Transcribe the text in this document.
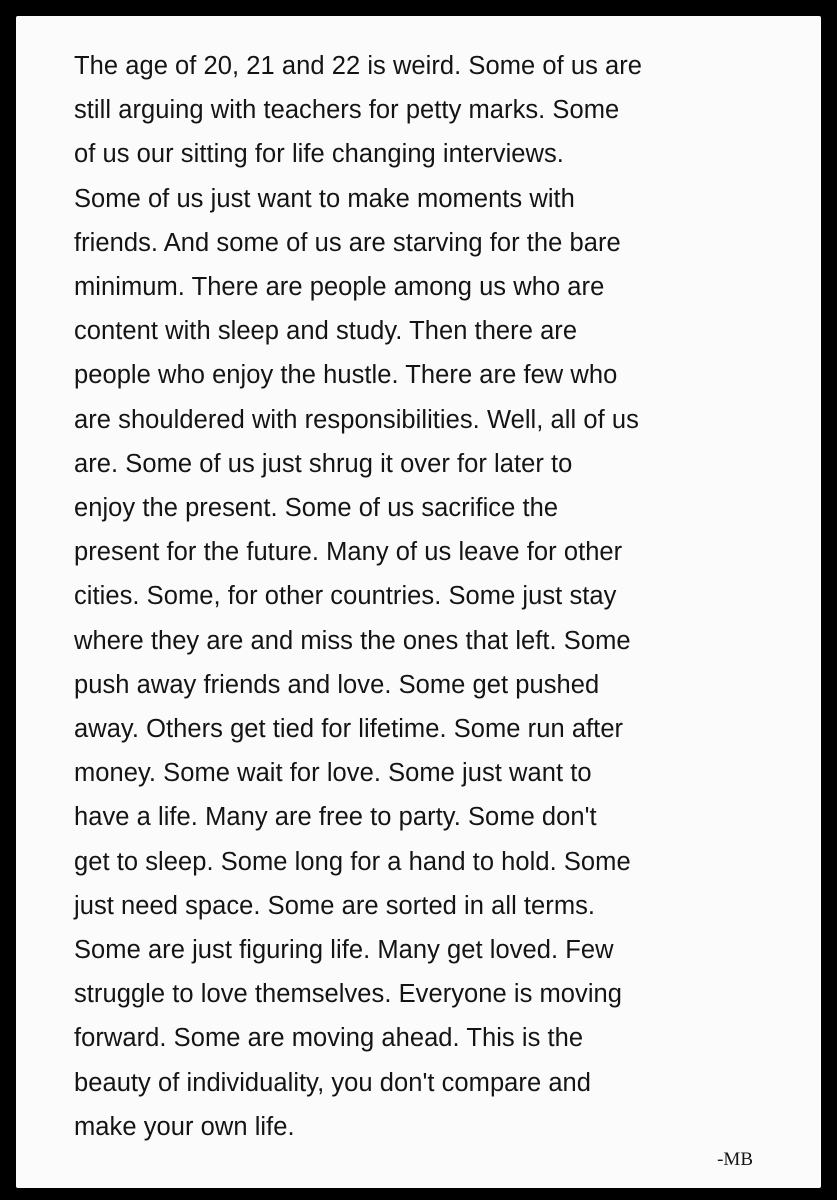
The age of 20, 21 and 22 is weird. Some of us are
still arguing with teachers for petty marks. Some
of us our sitting for life changing interviews.
Some of us just want to make moments with
friends. And some of us are starving for the bare
minimum. There are people among us who are
content with sleep and study. Then there are
people who enjoy the hustle. There are few who
are shouldered with responsibilities. Well, all of us
are. Some of us just shrug it over for later to
enjoy the present. Some of us sacrifice the
present for the future. Many of us leave for other
cities. Some, for other countries. Some just stay
where they are and miss the ones that left. Some
push away friends and love. Some get pushed
away. Others get tied for lifetime. Some run after
money. Some wait for love. Some just want to
have a life. Many are free to party. Some don't
get to sleep. Some long for a hand to hold. Some
just need space. Some are sorted in all terms.
Some are just figuring life. Many get loved. Few
struggle to love themselves. Everyone is moving
forward. Some are moving ahead. This is the
beauty of individuality, you don't compare and
make your own life.
-MB
